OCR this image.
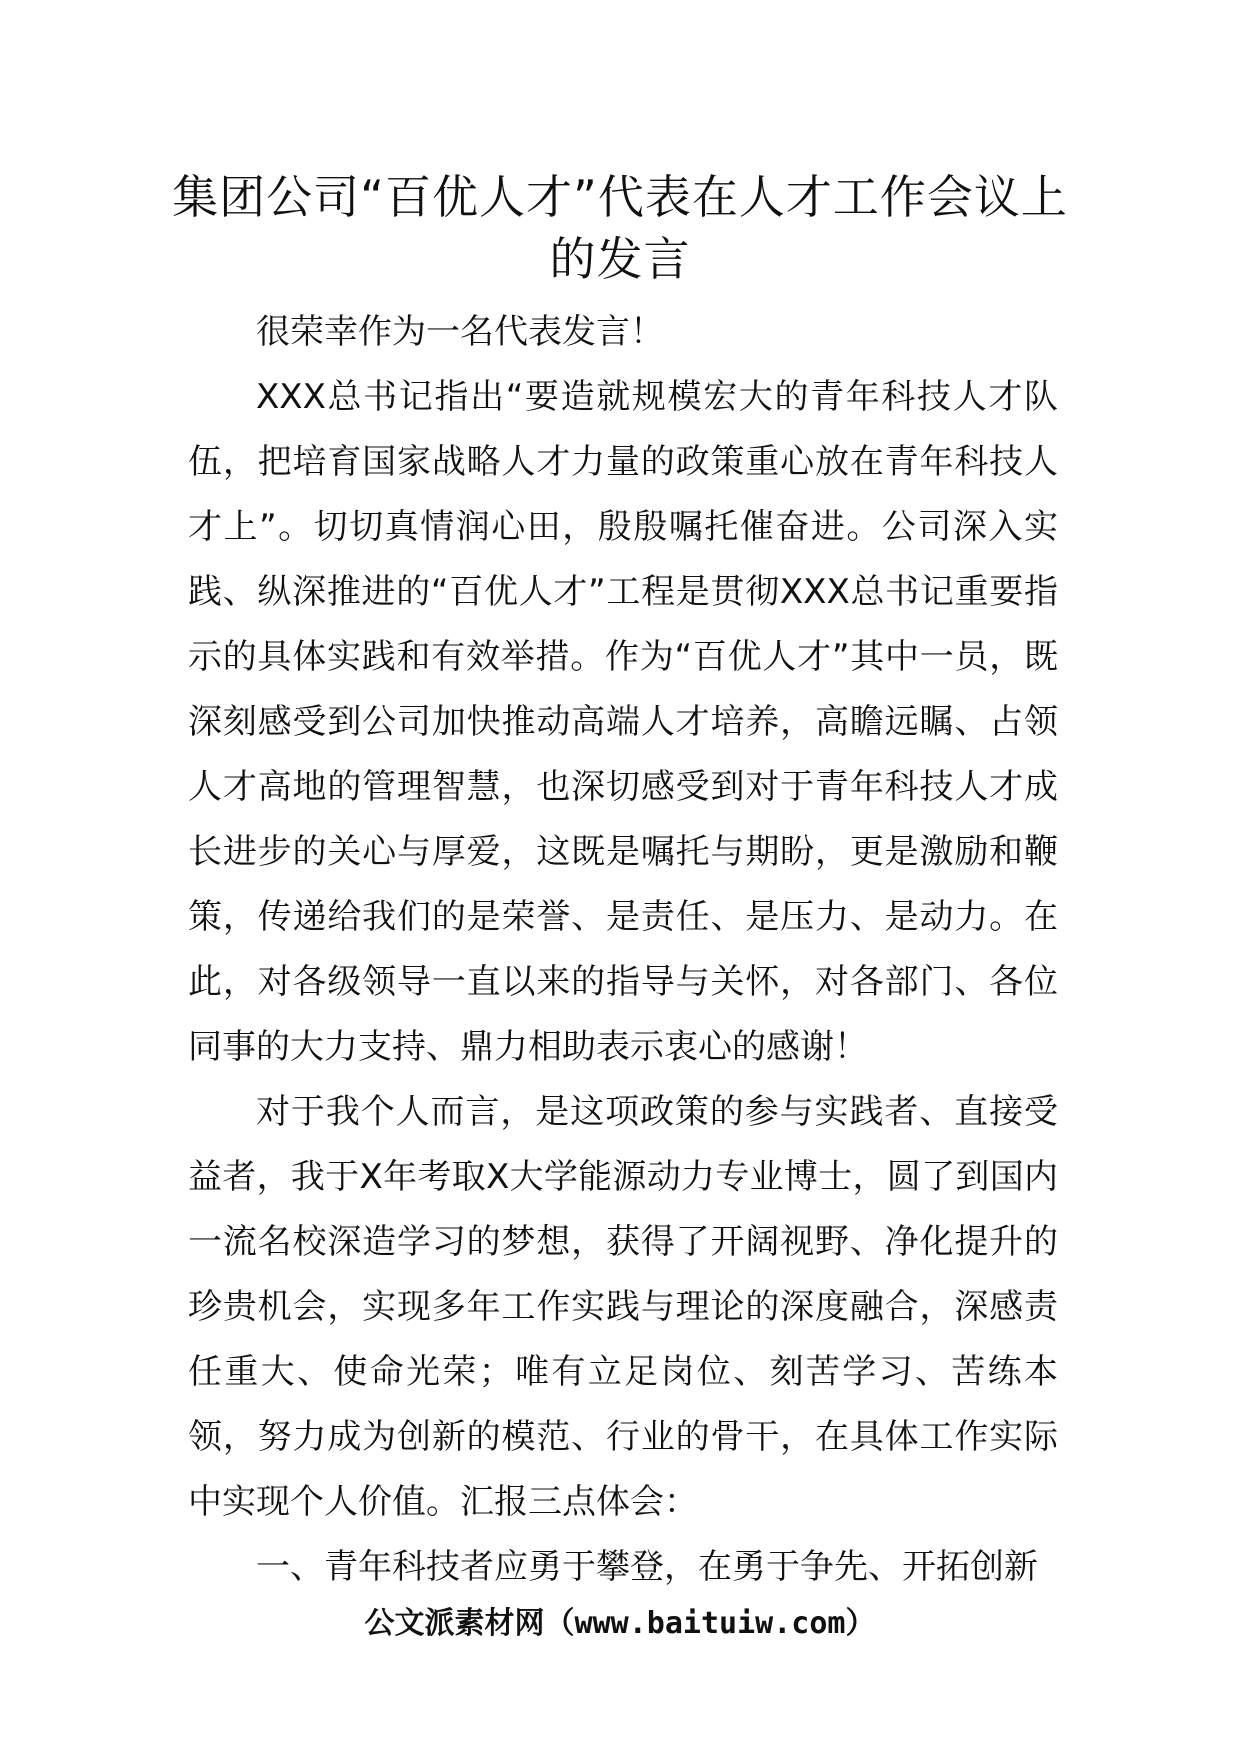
集团公司“百优人才”代表在人才工作会议上的发言

很荣幸作为一名代表发言！

XXX总书记指出“要造就规模宏大的青年科技人才队伍，把培育国家战略人才力量的政策重心放在青年科技人才上”。切切真情润心田，殷殷嘱托催奋进。公司深入实践、纵深推进的“百优人才”工程是贯彻XXX总书记重要指示的具体实践和有效举措。作为“百优人才”其中一员，既深刻感受到公司加快推动高端人才培养，高瞻远瞩、占领人才高地的管理智慧，也深切感受到对于青年科技人才成长进步的关心与厚爱，这既是嘱托与期盼，更是激励和鞭策，传递给我们的是荣誉、是责任、是压力、是动力。在此，对各级领导一直以来的指导与关怀，对各部门、各位同事的大力支持、鼎力相助表示衷心的感谢！

对于我个人而言，是这项政策的参与实践者、直接受益者，我于X年考取X大学能源动力专业博士，圆了到国内一流名校深造学习的梦想，获得了开阔视野、净化提升的珍贵机会，实现多年工作实践与理论的深度融合，深感责任重大、使命光荣；唯有立足岗位、刻苦学习、苦练本领，努力成为创新的模范、行业的骨干，在具体工作实际中实现个人价值。汇报三点体会：

一、青年科技者应勇于攀登，在勇于争先、开拓创新

公文派素材网（www.baituiw.com）
